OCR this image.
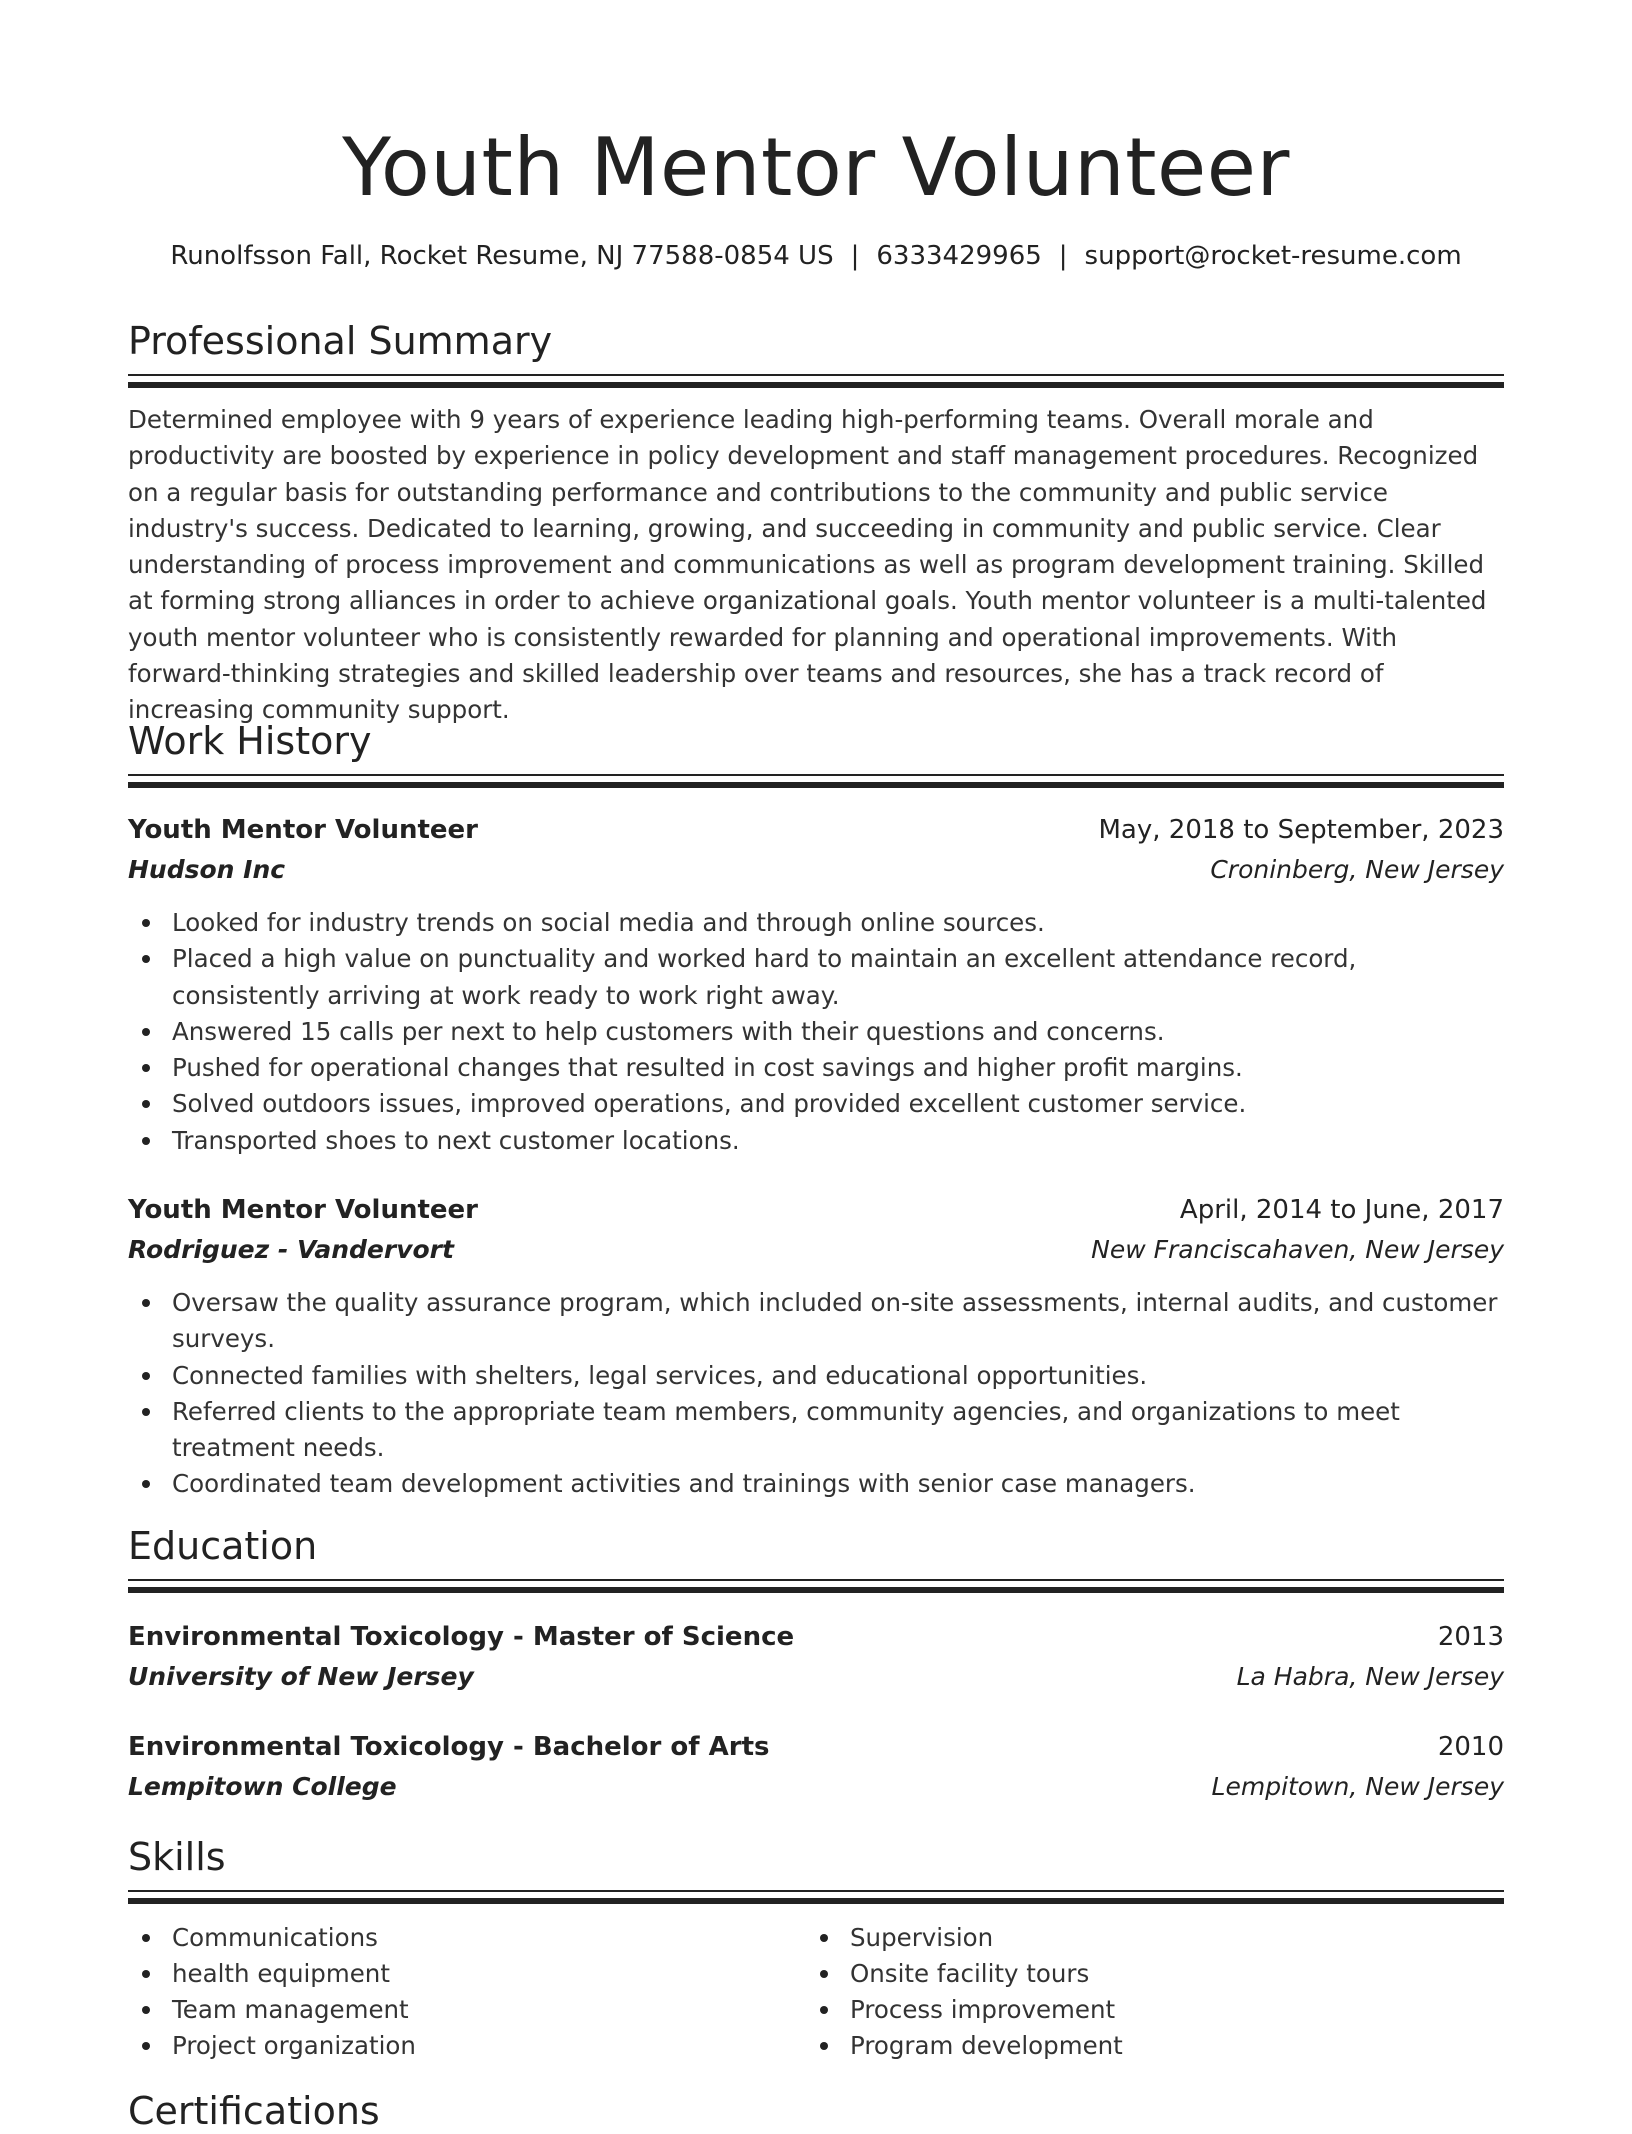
Youth Mentor Volunteer
Runolfsson Fall, Rocket Resume, NJ 77588-0854 US | 6333429965 | support@rocket-resume.com
Professional Summary

Determined employee with 9 years of experience leading high-performing teams. Overall morale and productivity are boosted by experience in policy development and staff management procedures. Recognized on a regular basis for outstanding performance and contributions to the community and public service industry's success. Dedicated to learning, growing, and succeeding in community and public service. Clear understanding of process improvement and communications as well as program development training. Skilled at forming strong alliances in order to achieve organizational goals. Youth mentor volunteer is a multi-talented youth mentor volunteer who is consistently rewarded for planning and operational improvements. With forward-thinking strategies and skilled leadership over teams and resources, she has a track record of increasing community support.

Work History
Youth Mentor Volunteer	May, 2018 to September, 2023
Hudson Inc	Croninberg, New Jersey
Looked for industry trends on social media and through online sources.
Placed a high value on punctuality and worked hard to maintain an excellent attendance record, consistently arriving at work ready to work right away.
Answered 15 calls per next to help customers with their questions and concerns.
Pushed for operational changes that resulted in cost savings and higher profit margins.
Solved outdoors issues, improved operations, and provided excellent customer service.
Transported shoes to next customer locations.
Youth Mentor Volunteer	April, 2014 to June, 2017
Rodriguez - Vandervort	New Franciscahaven, New Jersey
Oversaw the quality assurance program, which included on-site assessments, internal audits, and customer surveys.
Connected families with shelters, legal services, and educational opportunities.
Referred clients to the appropriate team members, community agencies, and organizations to meet treatment needs.
Coordinated team development activities and trainings with senior case managers.
Education
Environmental Toxicology - Master of Science	2013
University of New Jersey	La Habra, New Jersey
Environmental Toxicology - Bachelor of Arts	2010
Lempitown College	Lempitown, New Jersey
Skills
Communications
health equipment
Team management
Project organization
Supervision
Onsite facility tours
Process improvement
Program development
Certifications
